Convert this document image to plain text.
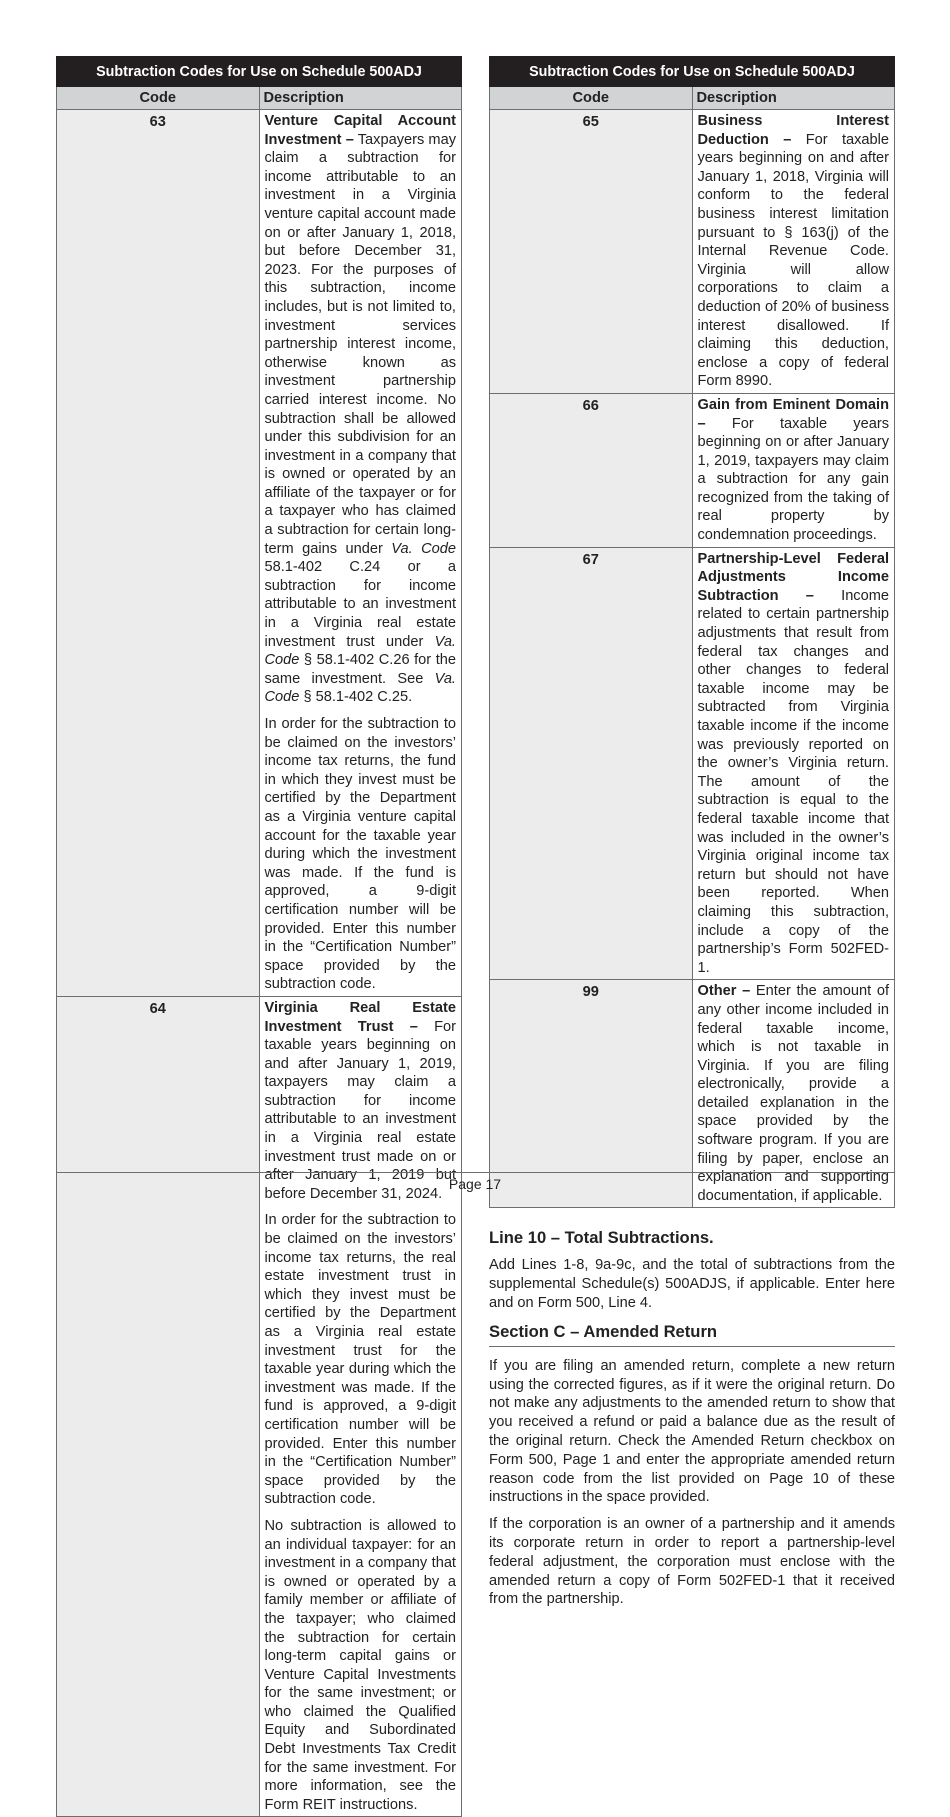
Subtraction Codes for Use on Schedule 500ADJ	
Code	Description
63	Venture Capital Account Investment – Taxpayers may claim a subtraction for income attributable to an investment in a Virginia venture capital account made on or after January 1, 2018, but before December 31, 2023. For the purposes of this subtraction, income includes, but is not limited to, investment services partnership interest income, otherwise known as investment partnership carried interest income. No subtraction shall be allowed under this subdivision for an investment in a company that is owned or operated by an affiliate of the taxpayer or for a taxpayer who has claimed a subtraction for certain long-term gains under Va. Code 58.1-402 C.24 or a subtraction for income attributable to an investment in a Virginia real estate investment trust under Va. Code § 58.1-402 C.26 for the same investment. See Va. Code § 58.1-402 C.25.

In order for the subtraction to be claimed on the investors’ income tax returns, the fund in which they invest must be certified by the Department as a Virginia venture capital account for the taxable year during which the investment was made. If the fund is approved, a 9-digit certification number will be provided. Enter this number in the “Certification Number” space provided by the subtraction code.

64	Virginia Real Estate Investment Trust – For taxable years beginning on and after January 1, 2019, taxpayers may claim a subtraction for income attributable to an investment in a Virginia real estate investment trust made on or after January 1, 2019 but before December 31, 2024.

In order for the subtraction to be claimed on the investors’ income tax returns, the real estate investment trust in which they invest must be certified by the Department as a Virginia real estate investment trust for the taxable year during which the investment was made. If the fund is approved, a 9-digit certification number will be provided. Enter this number in the “Certification Number” space provided by the subtraction code.

No subtraction is allowed to an individual taxpayer: for an investment in a company that is owned or operated by a family member or affiliate of the taxpayer; who claimed the subtraction for certain long-term capital gains or Venture Capital Investments for the same investment; or who claimed the Qualified Equity and Subordinated Debt Investments Tax Credit for the same investment. For more information, see the Form REIT instructions.

Subtraction Codes for Use on Schedule 500ADJ	
Code	Description
65	Business Interest Deduction – For taxable years beginning on and after January 1, 2018, Virginia will conform to the federal business interest limitation pursuant to § 163(j) of the Internal Revenue Code. Virginia will allow corporations to claim a deduction of 20% of business interest disallowed. If claiming this deduction, enclose a copy of federal Form 8990.

66	Gain from Eminent Domain – For taxable years beginning on or after January 1, 2019, taxpayers may claim a subtraction for any gain recognized from the taking of real property by condemnation proceedings.

67	Partnership-Level Federal Adjustments Income Subtraction – Income related to certain partnership adjustments that result from federal tax changes and other changes to federal taxable income may be subtracted from Virginia taxable income if the income was previously reported on the owner’s Virginia return. The amount of the subtraction is equal to the federal taxable income that was included in the owner’s Virginia original income tax return but should not have been reported. When claiming this subtraction, include a copy of the partnership’s Form 502FED-1.

99	Other – Enter the amount of any other income included in federal taxable income, which is not taxable in Virginia. If you are filing electronically, provide a detailed explanation in the space provided by the software program. If you are filing by paper, enclose an explanation and supporting documentation, if applicable.

Line 10 – Total Subtractions.

Add Lines 1-8, 9a-9c, and the total of subtractions from the supplemental Schedule(s) 500ADJS, if applicable. Enter here and on Form 500, Line 4.

Section C – Amended Return

If you are filing an amended return, complete a new return using the corrected figures, as if it were the original return. Do not make any adjustments to the amended return to show that you received a refund or paid a balance due as the result of the original return. Check the Amended Return checkbox on Form 500, Page 1 and enter the appropriate amended return reason code from the list provided on Page 10 of these instructions in the space provided.

If the corporation is an owner of a partnership and it amends its corporate return in order to report a partnership-level federal adjustment, the corporation must enclose with the amended return a copy of Form 502FED-1 that it received from the partnership.

Page 17
